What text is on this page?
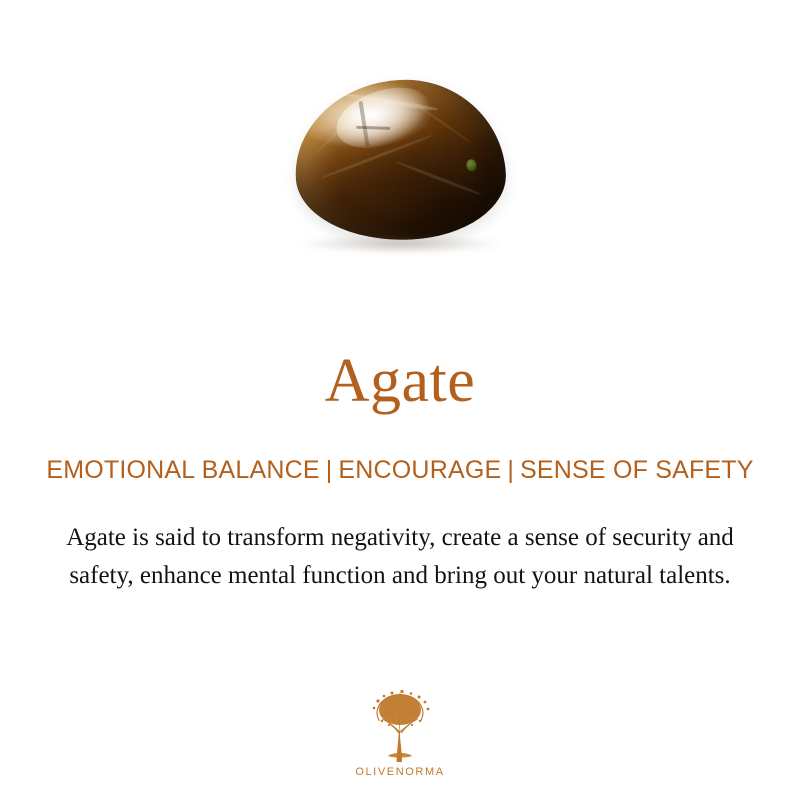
Agate
EMOTIONAL BALANCE | ENCOURAGE | SENSE OF SAFETY
Agate is said to transform negativity, create a sense of security and safety, enhance mental function and bring out your natural talents.
OLIVENORMA
